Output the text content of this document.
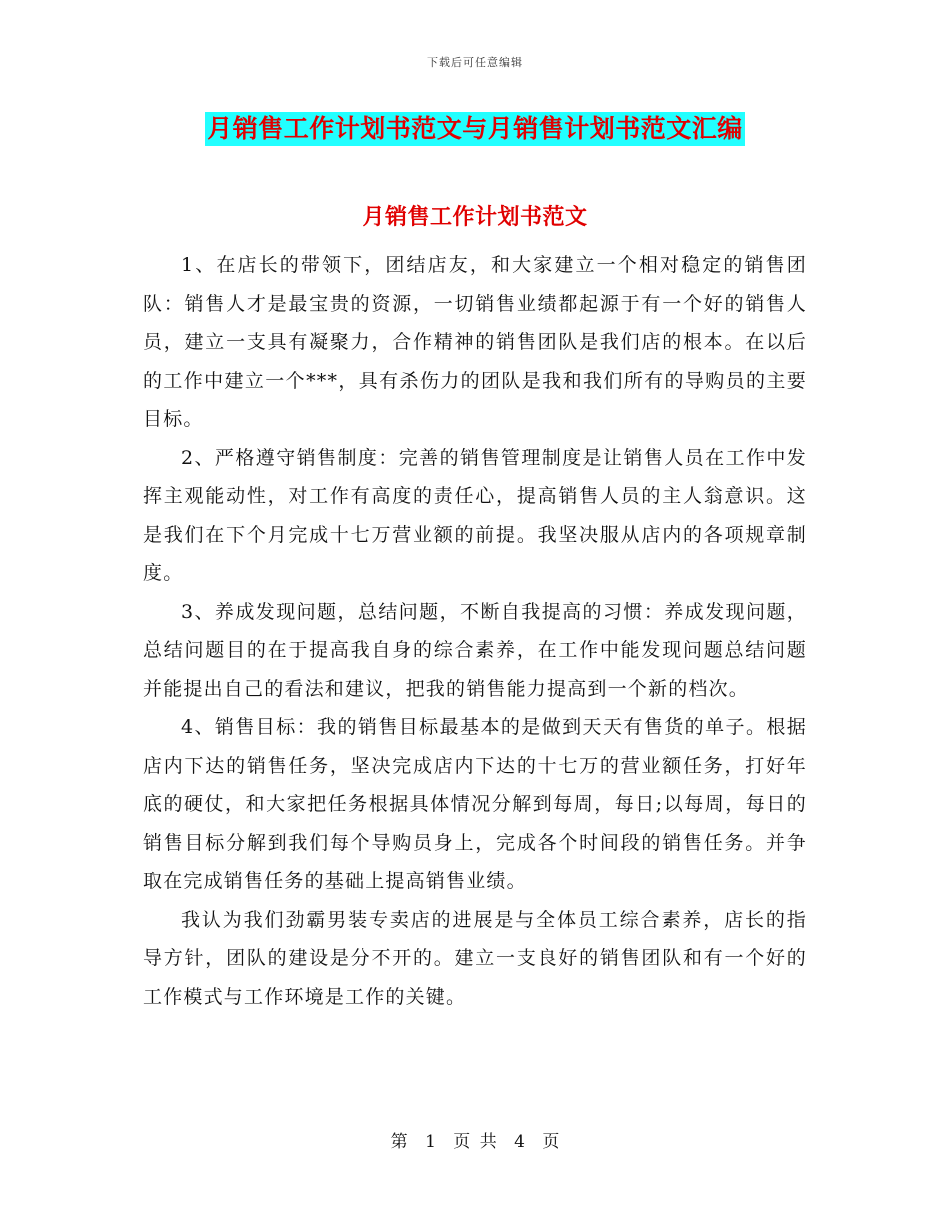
下载后可任意编辑
月销售工作计划书范文与月销售计划书范文汇编
月销售工作计划书范文

1、在店长的带领下，团结店友，和大家建立一个相对稳定的销售团队：销售人才是最宝贵的资源，一切销售业绩都起源于有一个好的销售人员，建立一支具有凝聚力，合作精神的销售团队是我们店的根本。在以后的工作中建立一个***，具有杀伤力的团队是我和我们所有的导购员的主要目标。

2、严格遵守销售制度：完善的销售管理制度是让销售人员在工作中发挥主观能动性，对工作有高度的责任心，提高销售人员的主人翁意识。这是我们在下个月完成十七万营业额的前提。我坚决服从店内的各项规章制度。

3、养成发现问题，总结问题，不断自我提高的习惯：养成发现问题，总结问题目的在于提高我自身的综合素养，在工作中能发现问题总结问题并能提出自己的看法和建议，把我的销售能力提高到一个新的档次。

4、销售目标：我的销售目标最基本的是做到天天有售货的单子。根据店内下达的销售任务，坚决完成店内下达的十七万的营业额任务，打好年底的硬仗，和大家把任务根据具体情况分解到每周，每日;以每周，每日的销售目标分解到我们每个导购员身上，完成各个时间段的销售任务。并争取在完成销售任务的基础上提高销售业绩。

我认为我们劲霸男装专卖店的进展是与全体员工综合素养，店长的指导方针，团队的建设是分不开的。建立一支良好的销售团队和有一个好的工作模式与工作环境是工作的关键。

第 1 页 共 4 页
